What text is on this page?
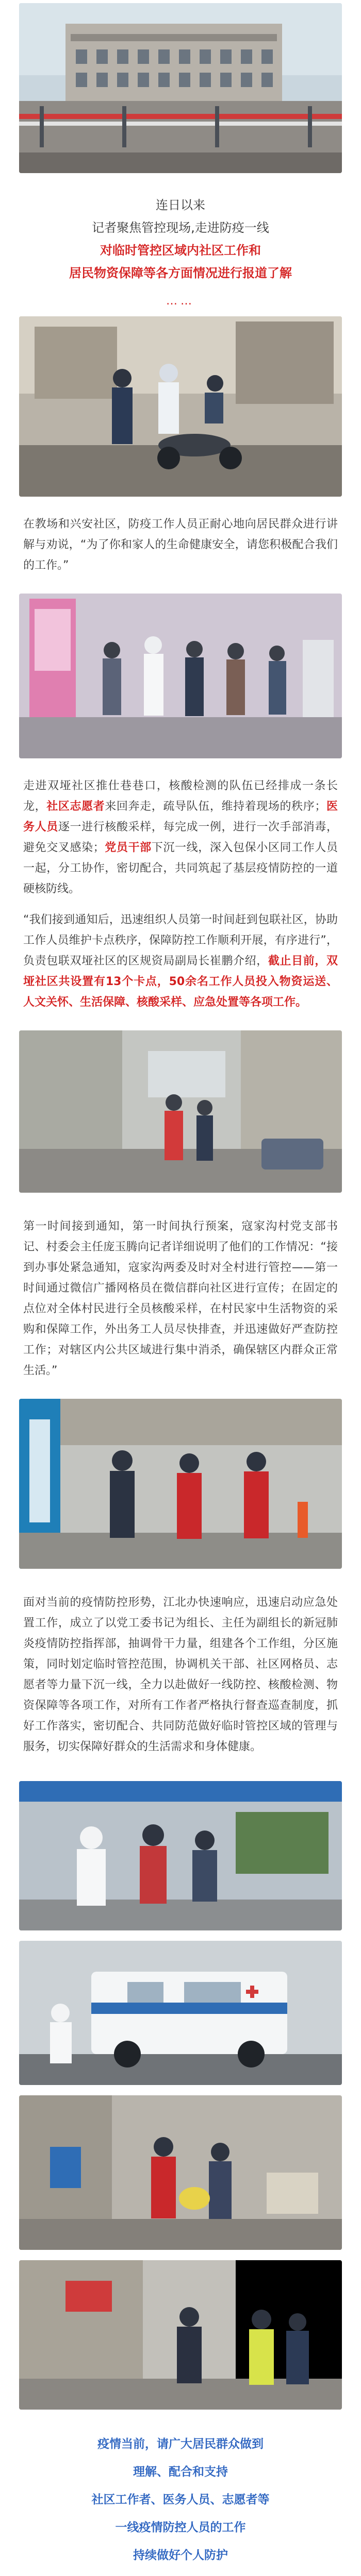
连日以来

记者聚焦管控现场,走进防疫一线

对临时管控区域内社区工作和

居民物资保障等各方面情况进行报道了解

……

在教场和兴安社区，防疫工作人员正耐心地向居民群众进行讲解与劝说，“为了你和家人的生命健康安全，请您积极配合我们的工作。”

走进双垭社区推仕巷巷口，核酸检测的队伍已经排成一条长龙，社区志愿者来回奔走，疏导队伍，维持着现场的秩序；医务人员逐一进行核酸采样，每完成一例，进行一次手部消毒，避免交叉感染；党员干部下沉一线，深入包保小区同工作人员一起，分工协作，密切配合，共同筑起了基层疫情防控的一道硬核防线。

“我们接到通知后，迅速组织人员第一时间赶到包联社区，协助工作人员维护卡点秩序，保障防控工作顺利开展，有序进行”，负责包联双垭社区的区规资局副局长崔鹏介绍，截止目前，双垭社区共设置有13个卡点，50余名工作人员投入物资运送、人文关怀、生活保障、核酸采样、应急处置等各项工作。

第一时间接到通知，第一时间执行预案，寇家沟村党支部书记、村委会主任庞玉腾向记者详细说明了他们的工作情况：“接到办事处紧急通知，寇家沟两委及时对全村进行管控——第一时间通过微信广播网格员在微信群向社区进行宣传；在固定的点位对全体村民进行全员核酸采样，在村民家中生活物资的采购和保障工作，外出务工人员尽快排查，并迅速做好严查防控工作；对辖区内公共区域进行集中消杀，确保辖区内群众正常生活。”

面对当前的疫情防控形势，江北办快速响应，迅速启动应急处置工作，成立了以党工委书记为组长、主任为副组长的新冠肺炎疫情防控指挥部，抽调骨干力量，组建各个工作组，分区施策，同时划定临时管控范围，协调机关干部、社区网格员、志愿者等力量下沉一线，全力以赴做好一线防控、核酸检测、物资保障等各项工作，对所有工作者严格执行督查巡查制度，抓好工作落实，密切配合、共同防范做好临时管控区域的管理与服务，切实保障好群众的生活需求和身体健康。

疫情当前，请广大居民群众做到

理解、配合和支持

社区工作者、医务人员、志愿者等

一线疫情防控人员的工作

持续做好个人防护
